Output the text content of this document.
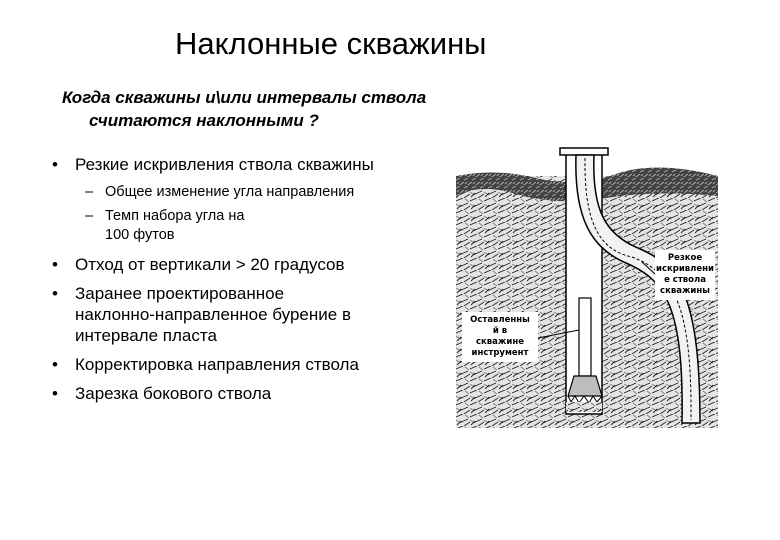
Наклонные скважины
Когда скважины и\или интервалы ствола

считаются наклонными ?
• Резкие искривления ствола скважины
– Общее изменение угла направления
– Темп набора угла на
100 футов
• Отход от вертикали > 20 градусов
• Заранее проектированное
наклонно-направленное бурение в
интервале пласта
• Корректировка направления ствола
• Зарезка бокового ствола
Резкое
искривлени
е ствола
скважины
Оставленны
й в
скважине
инструмент
